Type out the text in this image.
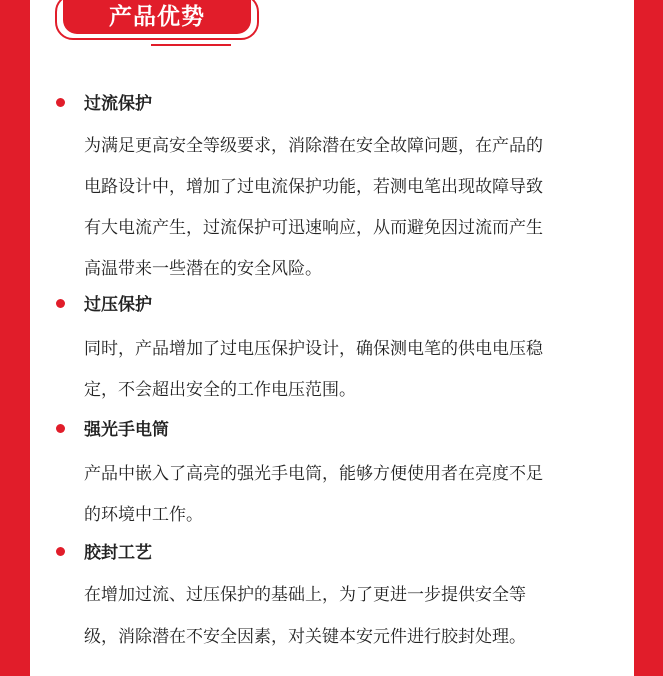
产品优势
过流保护
为满足更高安全等级要求，消除潜在安全故障问题，在产品的
电路设计中，增加了过电流保护功能，若测电笔出现故障导致
有大电流产生，过流保护可迅速响应，从而避免因过流而产生
高温带来一些潜在的安全风险。
过压保护
同时，产品增加了过电压保护设计，确保测电笔的供电电压稳
定，不会超出安全的工作电压范围。
强光手电筒
产品中嵌入了高亮的强光手电筒，能够方便使用者在亮度不足
的环境中工作。
胶封工艺
在增加过流、过压保护的基础上，为了更进一步提供安全等
级，消除潜在不安全因素，对关键本安元件进行胶封处理。
